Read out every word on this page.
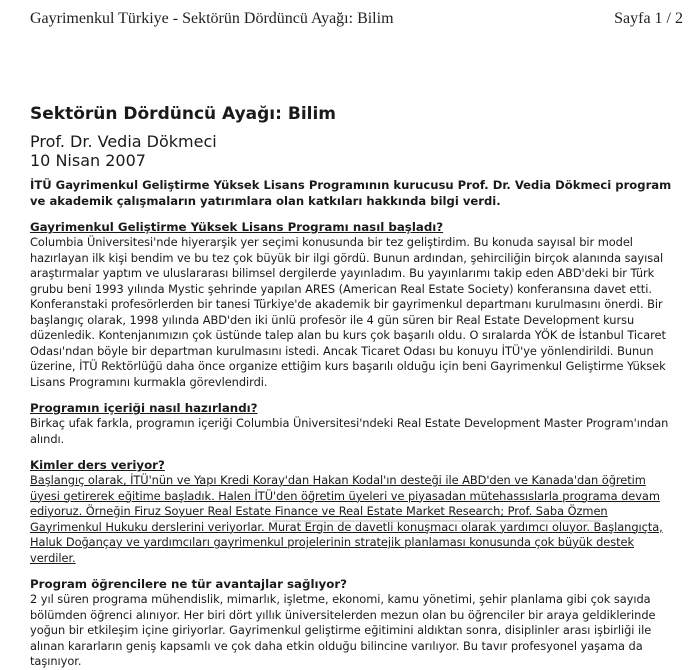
Gayrimenkul Türkiye - Sektörün Dördüncü Ayağı: Bilim	Sayfa 1 / 2
Sektörün Dördüncü Ayağı: Bilim
Prof. Dr. Vedia Dökmeci
10 Nisan 2007
İTÜ Gayrimenkul Geliştirme Yüksek Lisans Programının kurucusu Prof. Dr. Vedia Dökmeci program ve akademik çalışmaların yatırımlara olan katkıları hakkında bilgi verdi.
Gayrimenkul Geliştirme Yüksek Lisans Programı nasıl başladı?
Columbia Üniversitesi'nde hiyerarşik yer seçimi konusunda bir tez geliştirdim. Bu konuda sayısal bir model hazırlayan ilk kişi bendim ve bu tez çok büyük bir ilgi gördü. Bunun ardından, şehirciliğin birçok alanında sayısal araştırmalar yaptım ve uluslararası bilimsel dergilerde yayınladım. Bu yayınlarımı takip eden ABD'deki bir Türk grubu beni 1993 yılında Mystic şehrinde yapılan ARES (American Real Estate Society) konferansına davet etti. Konferanstaki profesörlerden bir tanesi Türkiye'de akademik bir gayrimenkul departmanı kurulmasını önerdi. Bir başlangıç olarak, 1998 yılında ABD'den iki ünlü profesör ile 4 gün süren bir Real Estate Development kursu düzenledik. Kontenjanımızın çok üstünde talep alan bu kurs çok başarılı oldu. O sıralarda YÖK de İstanbul Ticaret Odası'ndan böyle bir departman kurulmasını istedi. Ancak Ticaret Odası bu konuyu İTÜ'ye yönlendirildi. Bunun üzerine, İTÜ Rektörlüğü daha önce organize ettiğim kurs başarılı olduğu için beni Gayrimenkul Geliştirme Yüksek Lisans Programını kurmakla görevlendirdi.
Programın içeriği nasıl hazırlandı?
Birkaç ufak farkla, programın içeriği Columbia Üniversitesi'ndeki Real Estate Development Master Program'ından alındı.
Kimler ders veriyor?
Başlangıç olarak, İTÜ'nün ve Yapı Kredi Koray'dan Hakan Kodal'ın desteği ile ABD'den ve Kanada'dan öğretim üyesi getirerek eğitime başladık. Halen İTÜ'den öğretim üyeleri ve piyasadan mütehassıslarla programa devam ediyoruz. Örneğin Firuz Soyuer Real Estate Finance ve Real Estate Market Research; Prof. Saba Özmen Gayrimenkul Hukuku derslerini veriyorlar. Murat Ergin de davetli konuşmacı olarak yardımcı oluyor. Başlangıçta, Haluk Doğançay ve yardımcıları gayrimenkul projelerinin stratejik planlaması konusunda çok büyük destek verdiler.
Program öğrencilere ne tür avantajlar sağlıyor?
2 yıl süren programa mühendislik, mimarlık, işletme, ekonomi, kamu yönetimi, şehir planlama gibi çok sayıda bölümden öğrenci alınıyor. Her biri dört yıllık üniversitelerden mezun olan bu öğrenciler bir araya geldiklerinde yoğun bir etkileşim içine giriyorlar. Gayrimenkul geliştirme eğitimini aldıktan sonra, disiplinler arası işbirliği ile alınan kararların geniş kapsamlı ve çok daha etkin olduğu bilincine varılıyor. Bu tavır profesyonel yaşama da taşınıyor.
